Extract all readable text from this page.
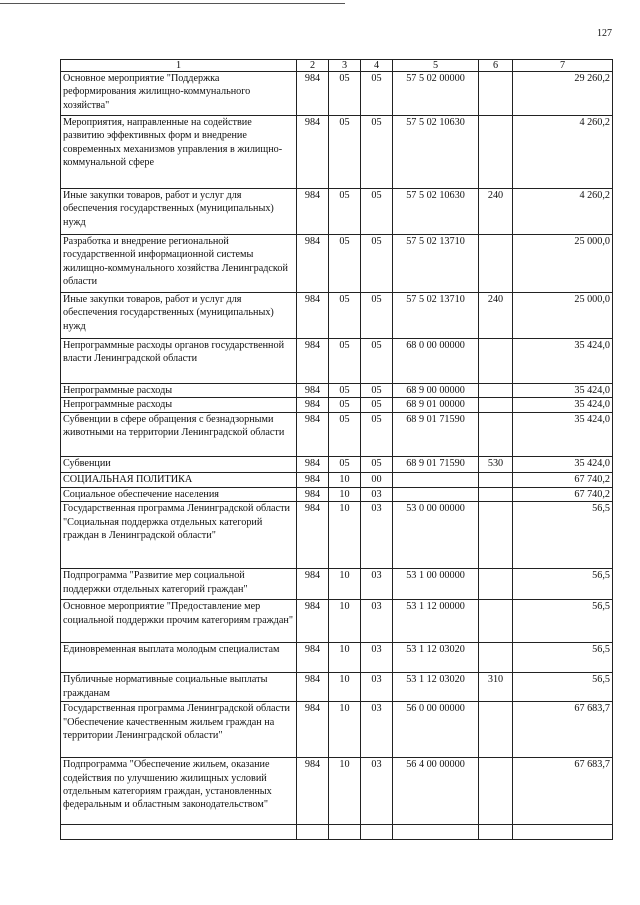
127
1	2	3	4	5	6	7
Основное мероприятие "Поддержка реформирования жилищно-коммунального хозяйства"	984	05	05	57 5 02 00000		29 260,2
Мероприятия, направленные на содействие развитию эффективных форм и внедрение современных механизмов управления в жилищно-коммунальной сфере	984	05	05	57 5 02 10630		4 260,2
Иные закупки товаров, работ и услуг для обеспечения государственных (муниципальных) нужд	984	05	05	57 5 02 10630	240	4 260,2
Разработка и внедрение региональной государственной информационной системы жилищно-коммунального хозяйства Ленинградской области	984	05	05	57 5 02 13710		25 000,0
Иные закупки товаров, работ и услуг для обеспечения государственных (муниципальных) нужд	984	05	05	57 5 02 13710	240	25 000,0
Непрограммные расходы органов государственной власти Ленинградской области	984	05	05	68 0 00 00000		35 424,0
Непрограммные расходы	984	05	05	68 9 00 00000		35 424,0
Непрограммные расходы	984	05	05	68 9 01 00000		35 424,0
Субвенции в сфере обращения с безнадзорными животными на территории Ленинградской области	984	05	05	68 9 01 71590		35 424,0
Субвенции	984	05	05	68 9 01 71590	530	35 424,0
СОЦИАЛЬНАЯ ПОЛИТИКА	984	10	00			67 740,2
Социальное обеспечение населения	984	10	03			67 740,2
Государственная программа Ленинградской области "Социальная поддержка отдельных категорий граждан в Ленинградской области"	984	10	03	53 0 00 00000		56,5
Подпрограмма "Развитие мер социальной поддержки отдельных категорий граждан"	984	10	03	53 1 00 00000		56,5
Основное мероприятие "Предоставление мер социальной поддержки прочим категориям граждан"	984	10	03	53 1 12 00000		56,5
Единовременная выплата молодым специалистам	984	10	03	53 1 12 03020		56,5
Публичные нормативные социальные выплаты гражданам	984	10	03	53 1 12 03020	310	56,5
Государственная программа Ленинградской области "Обеспечение качественным жильем граждан на территории Ленинградской области"	984	10	03	56 0 00 00000		67 683,7
Подпрограмма "Обеспечение жильем, оказание содействия по улучшению жилищных условий отдельным категориям граждан, установленных федеральным и областным законодательством"	984	10	03	56 4 00 00000		67 683,7
